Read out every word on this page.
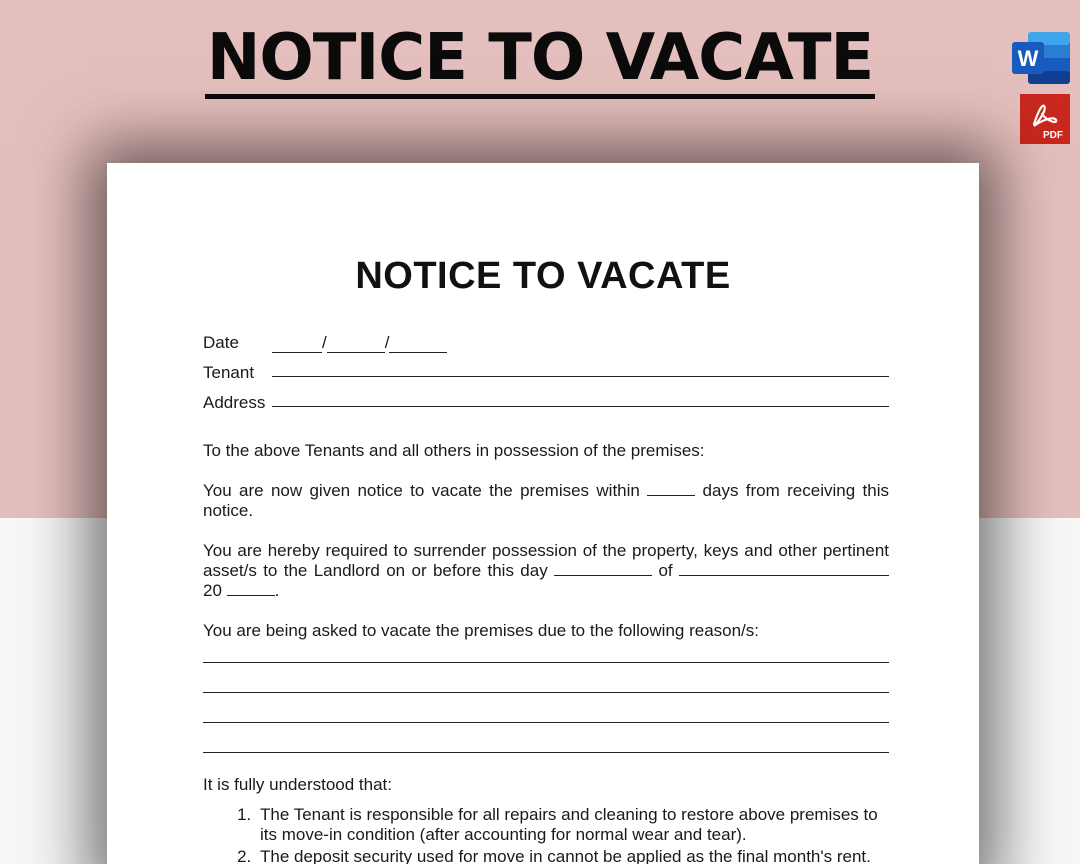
NOTICE TO VACATE	W
PDF
NOTICE TO VACATE
Date	/	/
Tenant
Address

To the above Tenants and all others in possession of the premises:

You are now given notice to vacate the premises within	days from receiving this notice.

You are hereby required to surrender possession of the property, keys and other pertinent asset/s to the Landlord on or before this day	of  20	.

You are being asked to vacate the premises due to the following reason/s:

It is fully understood that:

1. The Tenant is responsible for all repairs and cleaning to restore above premises to its move-in condition (after accounting for normal wear and tear).
2. The deposit security used for move in cannot be applied as the final month's rent.
